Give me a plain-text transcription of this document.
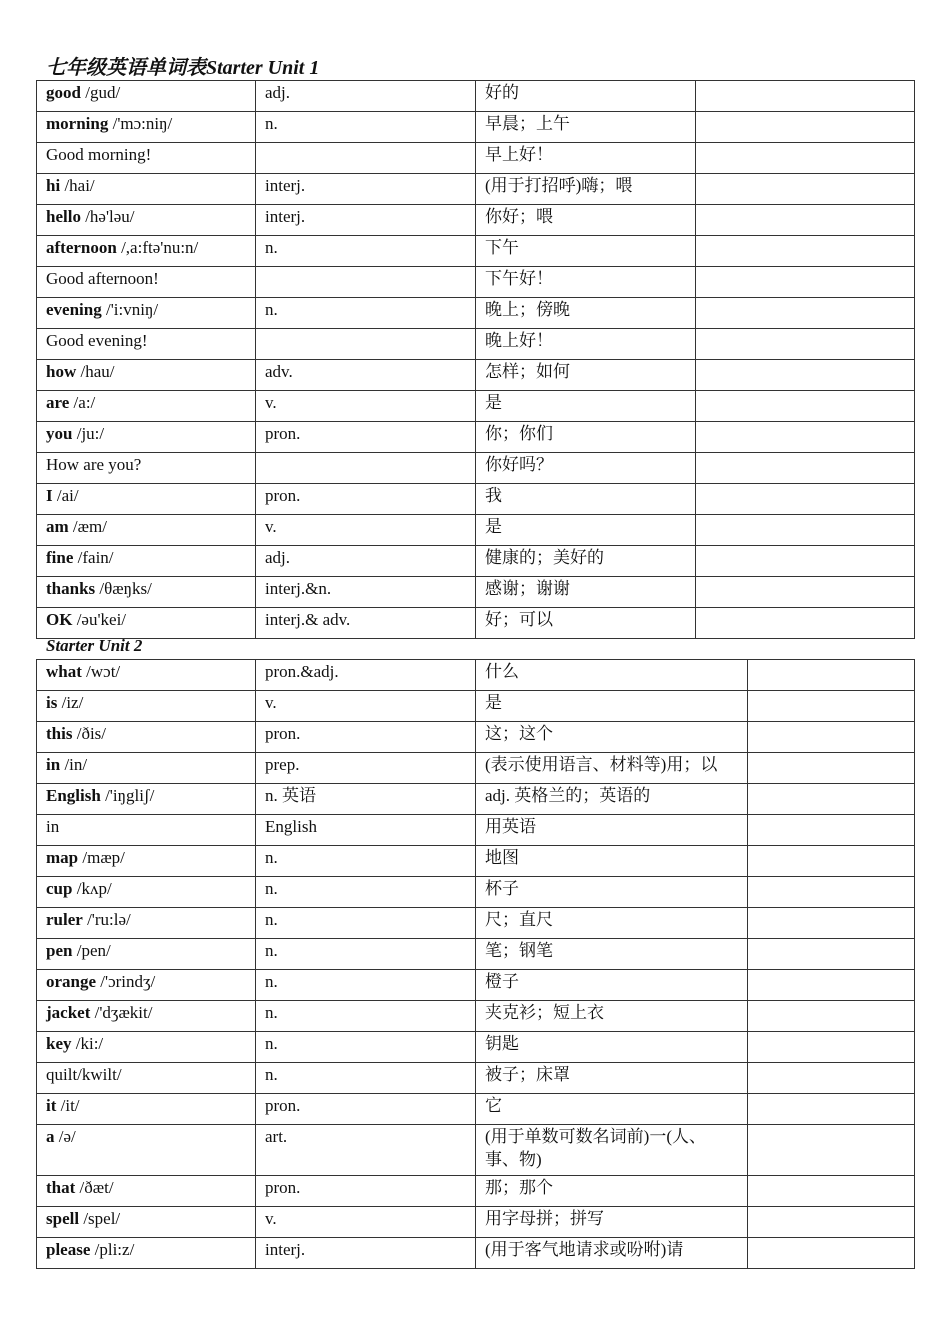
七年级英语单词表Starter Unit 1
good /gud/	adj.	好的	
morning /'mɔ:niŋ/	n.	早晨；上午	
Good morning!		早上好！	
hi /hai/	interj.	(用于打招呼)嗨；喂	
hello /hə'ləu/	interj.	你好；喂	
afternoon /,a:ftə'nu:n/	n.	下午	
Good afternoon!		下午好！	
evening /'i:vniŋ/	n.	晚上；傍晚	
Good evening!		晚上好！	
how /hau/	adv.	怎样；如何	
are /a:/	v.	是	
you /ju:/	pron.	你；你们	
How are you?		你好吗？	
I /ai/	pron.	我	
am /æm/	v.	是	
fine /fain/	adj.	健康的；美好的	
thanks /θæŋks/	interj.&n.	感谢；谢谢	
OK /əu'kei/	interj.& adv.	好；可以	
Starter Unit 2
what /wɔt/	pron.&adj.	什么	
is /iz/	v.	是	
this /ðis/	pron.	这；这个	
in /in/	prep.	(表示使用语言、材料等)用；以	
English /'iŋgliʃ/	n. 英语	adj. 英格兰的；英语的	
in	English	用英语	
map /mæp/	n.	地图	
cup /kʌp/	n.	杯子	
ruler /'ru:lə/	n.	尺；直尺	
pen /pen/	n.	笔；钢笔	
orange /'ɔrindʒ/	n.	橙子	
jacket /'dʒækit/	n.	夹克衫；短上衣	
key /ki:/	n.	钥匙	
quilt/kwilt/	n.	被子；床罩	
it /it/	pron.	它	
a /ə/	art.	(用于单数可数名词前)一(人、事、物)	
that /ðæt/	pron.	那；那个	
spell /spel/	v.	用字母拼；拼写	
please /pli:z/	interj.	(用于客气地请求或吩咐)请	
